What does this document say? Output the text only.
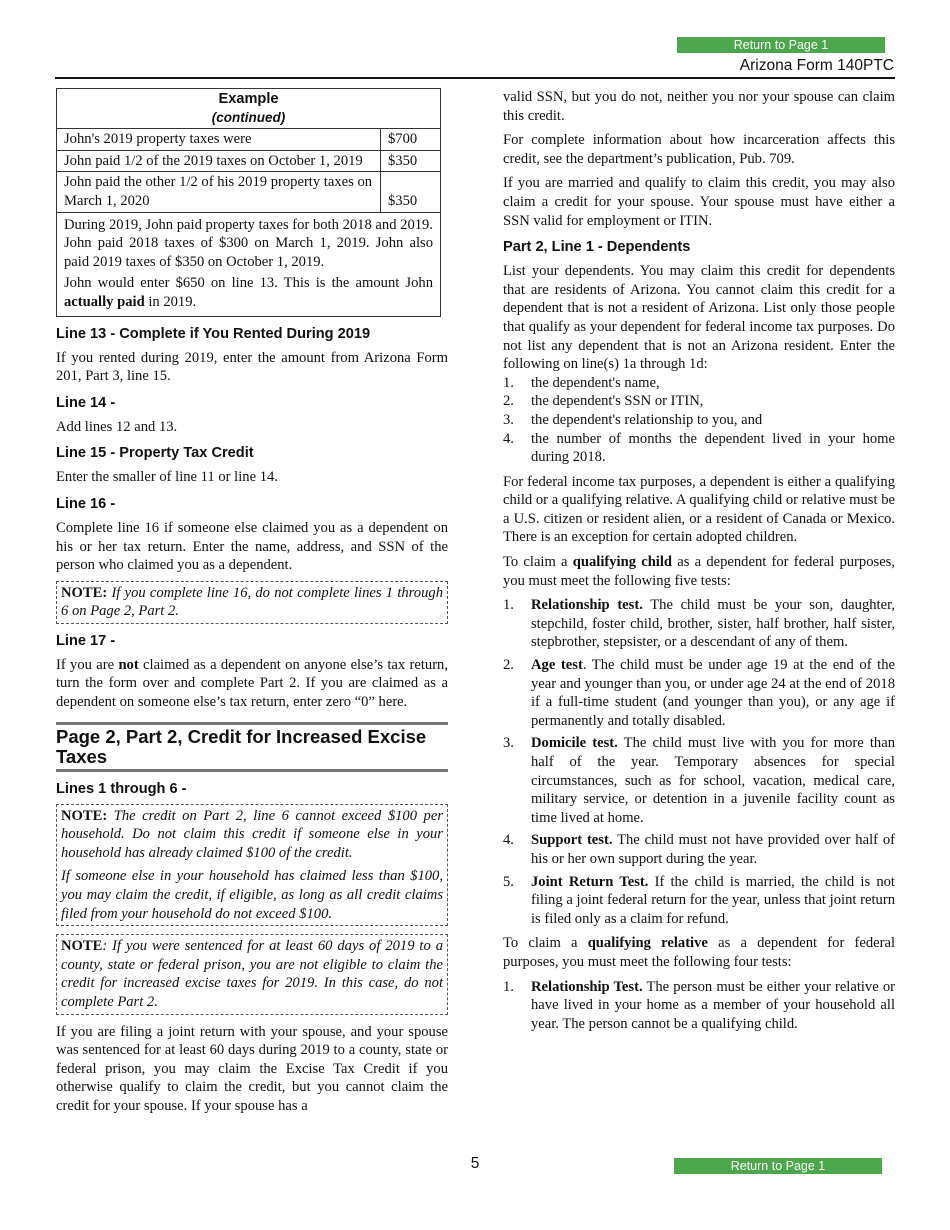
Return to Page 1
Arizona Form 140PTC
Example
(continued)	

John's 2019 property taxes were	$700
John paid 1/2 of the 2019 taxes on October 1, 2019	$350
John paid the other 1/2 of his 2019 property taxes on March 1, 2020	$350

During 2019, John paid property taxes for both 2018 and 2019. John paid 2018 taxes of $300 on March 1, 2019. John also paid 2019 taxes of $350 on October 1, 2019.

John would enter $650 on line 13. This is the amount John actually paid in 2019.	

Line 13 - Complete if You Rented During 2019

If you rented during 2019, enter the amount from Arizona Form 201, Part 3, line 15.

Line 14 -

Add lines 12 and 13.

Line 15 - Property Tax Credit

Enter the smaller of line 11 or line 14.

Line 16 -

Complete line 16 if someone else claimed you as a dependent on his or her tax return. Enter the name, address, and SSN of the person who claimed you as a dependent.

NOTE: If you complete line 16, do not complete lines 1 through 6 on Page 2, Part 2.

Line 17 -

If you are not claimed as a dependent on anyone else’s tax return, turn the form over and complete Part 2. If you are claimed as a dependent on someone else’s tax return, enter zero “0” here.

Page 2, Part 2, Credit for Increased Excise Taxes
Lines 1 through 6 -

NOTE: The credit on Part 2, line 6 cannot exceed $100 per household. Do not claim this credit if someone else in your household has already claimed $100 of the credit.

If someone else in your household has claimed less than $100, you may claim the credit, if eligible, as long as all credit claims filed from your household do not exceed $100.

NOTE: If you were sentenced for at least 60 days of 2019 to a county, state or federal prison, you are not eligible to claim the credit for increased excise taxes for 2019. In this case, do not complete Part 2.

If you are filing a joint return with your spouse, and your spouse was sentenced for at least 60 days during 2019 to a county, state or federal prison, you may claim the Excise Tax Credit if you otherwise qualify to claim the credit, but you cannot claim the credit for your spouse. If your spouse has a

valid SSN, but you do not, neither you nor your spouse can claim this credit.

For complete information about how incarceration affects this credit, see the department’s publication, Pub. 709.

If you are married and qualify to claim this credit, you may also claim a credit for your spouse. Your spouse must have either a SSN valid for employment or ITIN.

Part 2, Line 1 - Dependents

List your dependents. You may claim this credit for dependents that are residents of Arizona. You cannot claim this credit for a dependent that is not a resident of Arizona. List only those people that qualify as your dependent for federal income tax purposes. Do not list any dependent that is not an Arizona resident. Enter the following on line(s) 1a through 1d:

1. the dependent's name,
2. the dependent's SSN or ITIN,
3. the dependent's relationship to you, and
4. the number of months the dependent lived in your home during 2018.

For federal income tax purposes, a dependent is either a qualifying child or a qualifying relative. A qualifying child or relative must be a U.S. citizen or resident alien, or a resident of Canada or Mexico. There is an exception for certain adopted children.

To claim a qualifying child as a dependent for federal purposes, you must meet the following five tests:

1. Relationship test. The child must be your son, daughter, stepchild, foster child, brother, sister, half brother, half sister, stepbrother, stepsister, or a descendant of any of them.
2. Age test. The child must be under age 19 at the end of the year and younger than you, or under age 24 at the end of 2018 if a full-time student (and younger than you), or any age if permanently and totally disabled.
3. Domicile test. The child must live with you for more than half of the year. Temporary absences for special circumstances, such as for school, vacation, medical care, military service, or detention in a juvenile facility count as time lived at home.
4. Support test. The child must not have provided over half of his or her own support during the year.
5. Joint Return Test. If the child is married, the child is not filing a joint federal return for the year, unless that joint return is filed only as a claim for refund.

To claim a qualifying relative as a dependent for federal purposes, you must meet the following four tests:

1. Relationship Test. The person must be either your relative or have lived in your home as a member of your household all year. The person cannot be a qualifying child.
5	Return to Page 1
